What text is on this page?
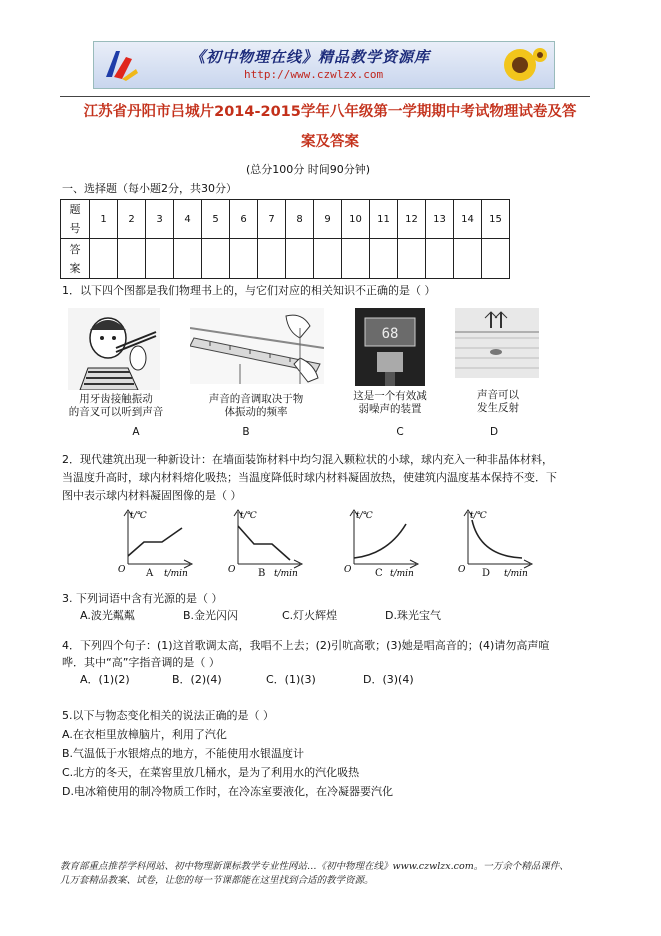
《初中物理在线》精品教学资源库
http://www.czwlzx.com
江苏省丹阳市吕城片2014-2015学年八年级第一学期期中考试物理试卷及答
案及答案
(总分100分 时间90分钟)
一、选择题（每小题2分，共30分）
题
号	1	2	3	4	5	6	7	8	9	10	11	12	13	14	15
答
案															
1．以下四个图都是我们物理书上的，与它们对应的相关知识不正确的是（ ）
68
用牙齿接触振动
的音叉可以听到声音
声音的音调取决于物
体振动的频率
这是一个有效减
弱噪声的装置
声音可以
发生反射
A	B	C	D
2．现代建筑出现一种新设计：在墙面装饰材料中均匀混入颗粒状的小球，球内充入一种非晶体材料，
当温度升高时，球内材料熔化吸热；当温度降低时球内材料凝固放热，使建筑内温度基本保持不变．下
图中表示球内材料凝固图像的是（ ）
t/℃
t/min
O
t/℃
t/min
O
t/℃
t/min
O
t/℃
t/min
O
A	B	C	D
3. 下列词语中含有光源的是（ ）
A.波光粼粼	B.金光闪闪	C.灯火辉煌	D.珠光宝气
4．下列四个句子：(1)这首歌调太高，我唱不上去；(2)引吭高歌；(3)她是唱高音的；(4)请勿高声喧
哗．其中“高”字指音调的是（ ）
A．(1)(2)	B．(2)(4)	C．(1)(3)	D．(3)(4)
5.以下与物态变化相关的说法正确的是（ ）
A.在衣柜里放樟脑片，利用了汽化
B.气温低于水银熔点的地方，不能使用水银温度计
C.北方的冬天，在菜窖里放几桶水，是为了利用水的汽化吸热
D.电冰箱使用的制冷物质工作时，在冷冻室要液化，在冷凝器要汽化
教育部重点推荐学科网站、初中物理新课标教学专业性网站…《初中物理在线》www.czwlzx.com。一万余个精品课件、
几万套精品教案、试卷，让您的每一节课都能在这里找到合适的教学资源。
